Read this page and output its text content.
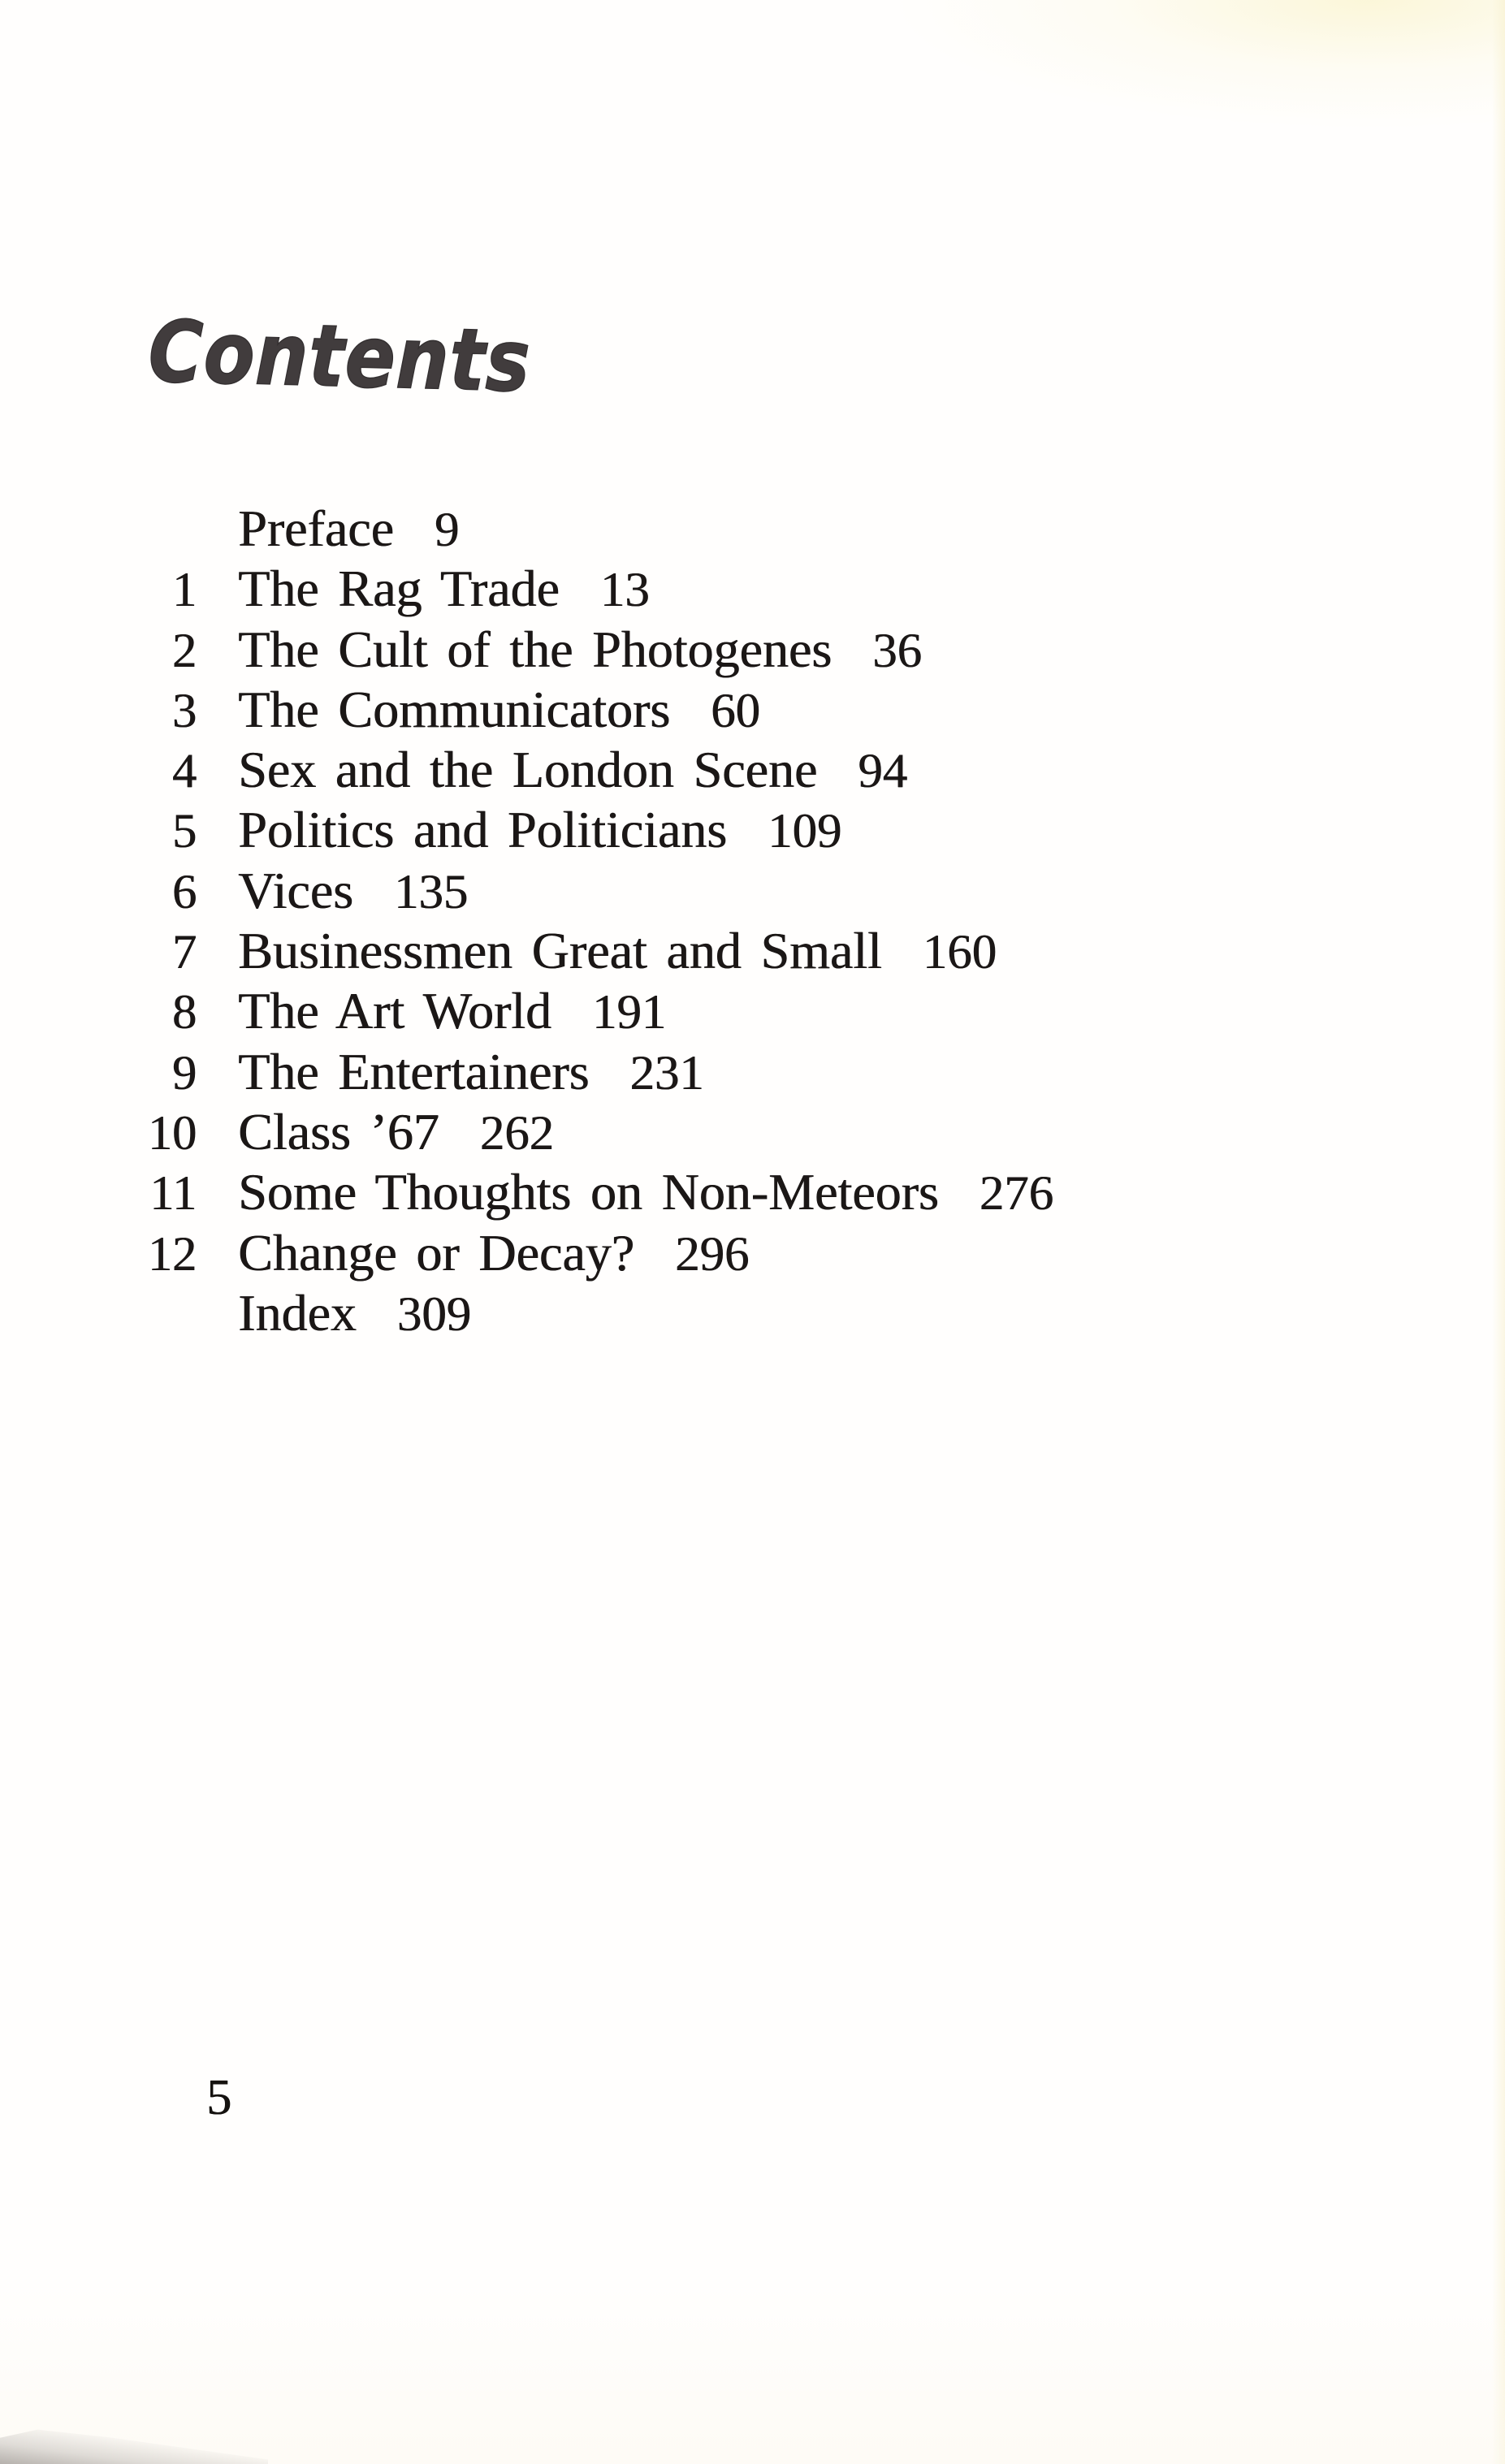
Contents
Preface 9
1 The Rag Trade 13
2 The Cult of the Photogenes 36
3 The Communicators 60
4 Sex and the London Scene 94
5 Politics and Politicians 109
6 Vices 135
7 Businessmen Great and Small 160
8 The Art World 191
9 The Entertainers 231
10 Class ’67 262
11 Some Thoughts on Non-Meteors 276
12 Change or Decay? 296
Index 309
5
